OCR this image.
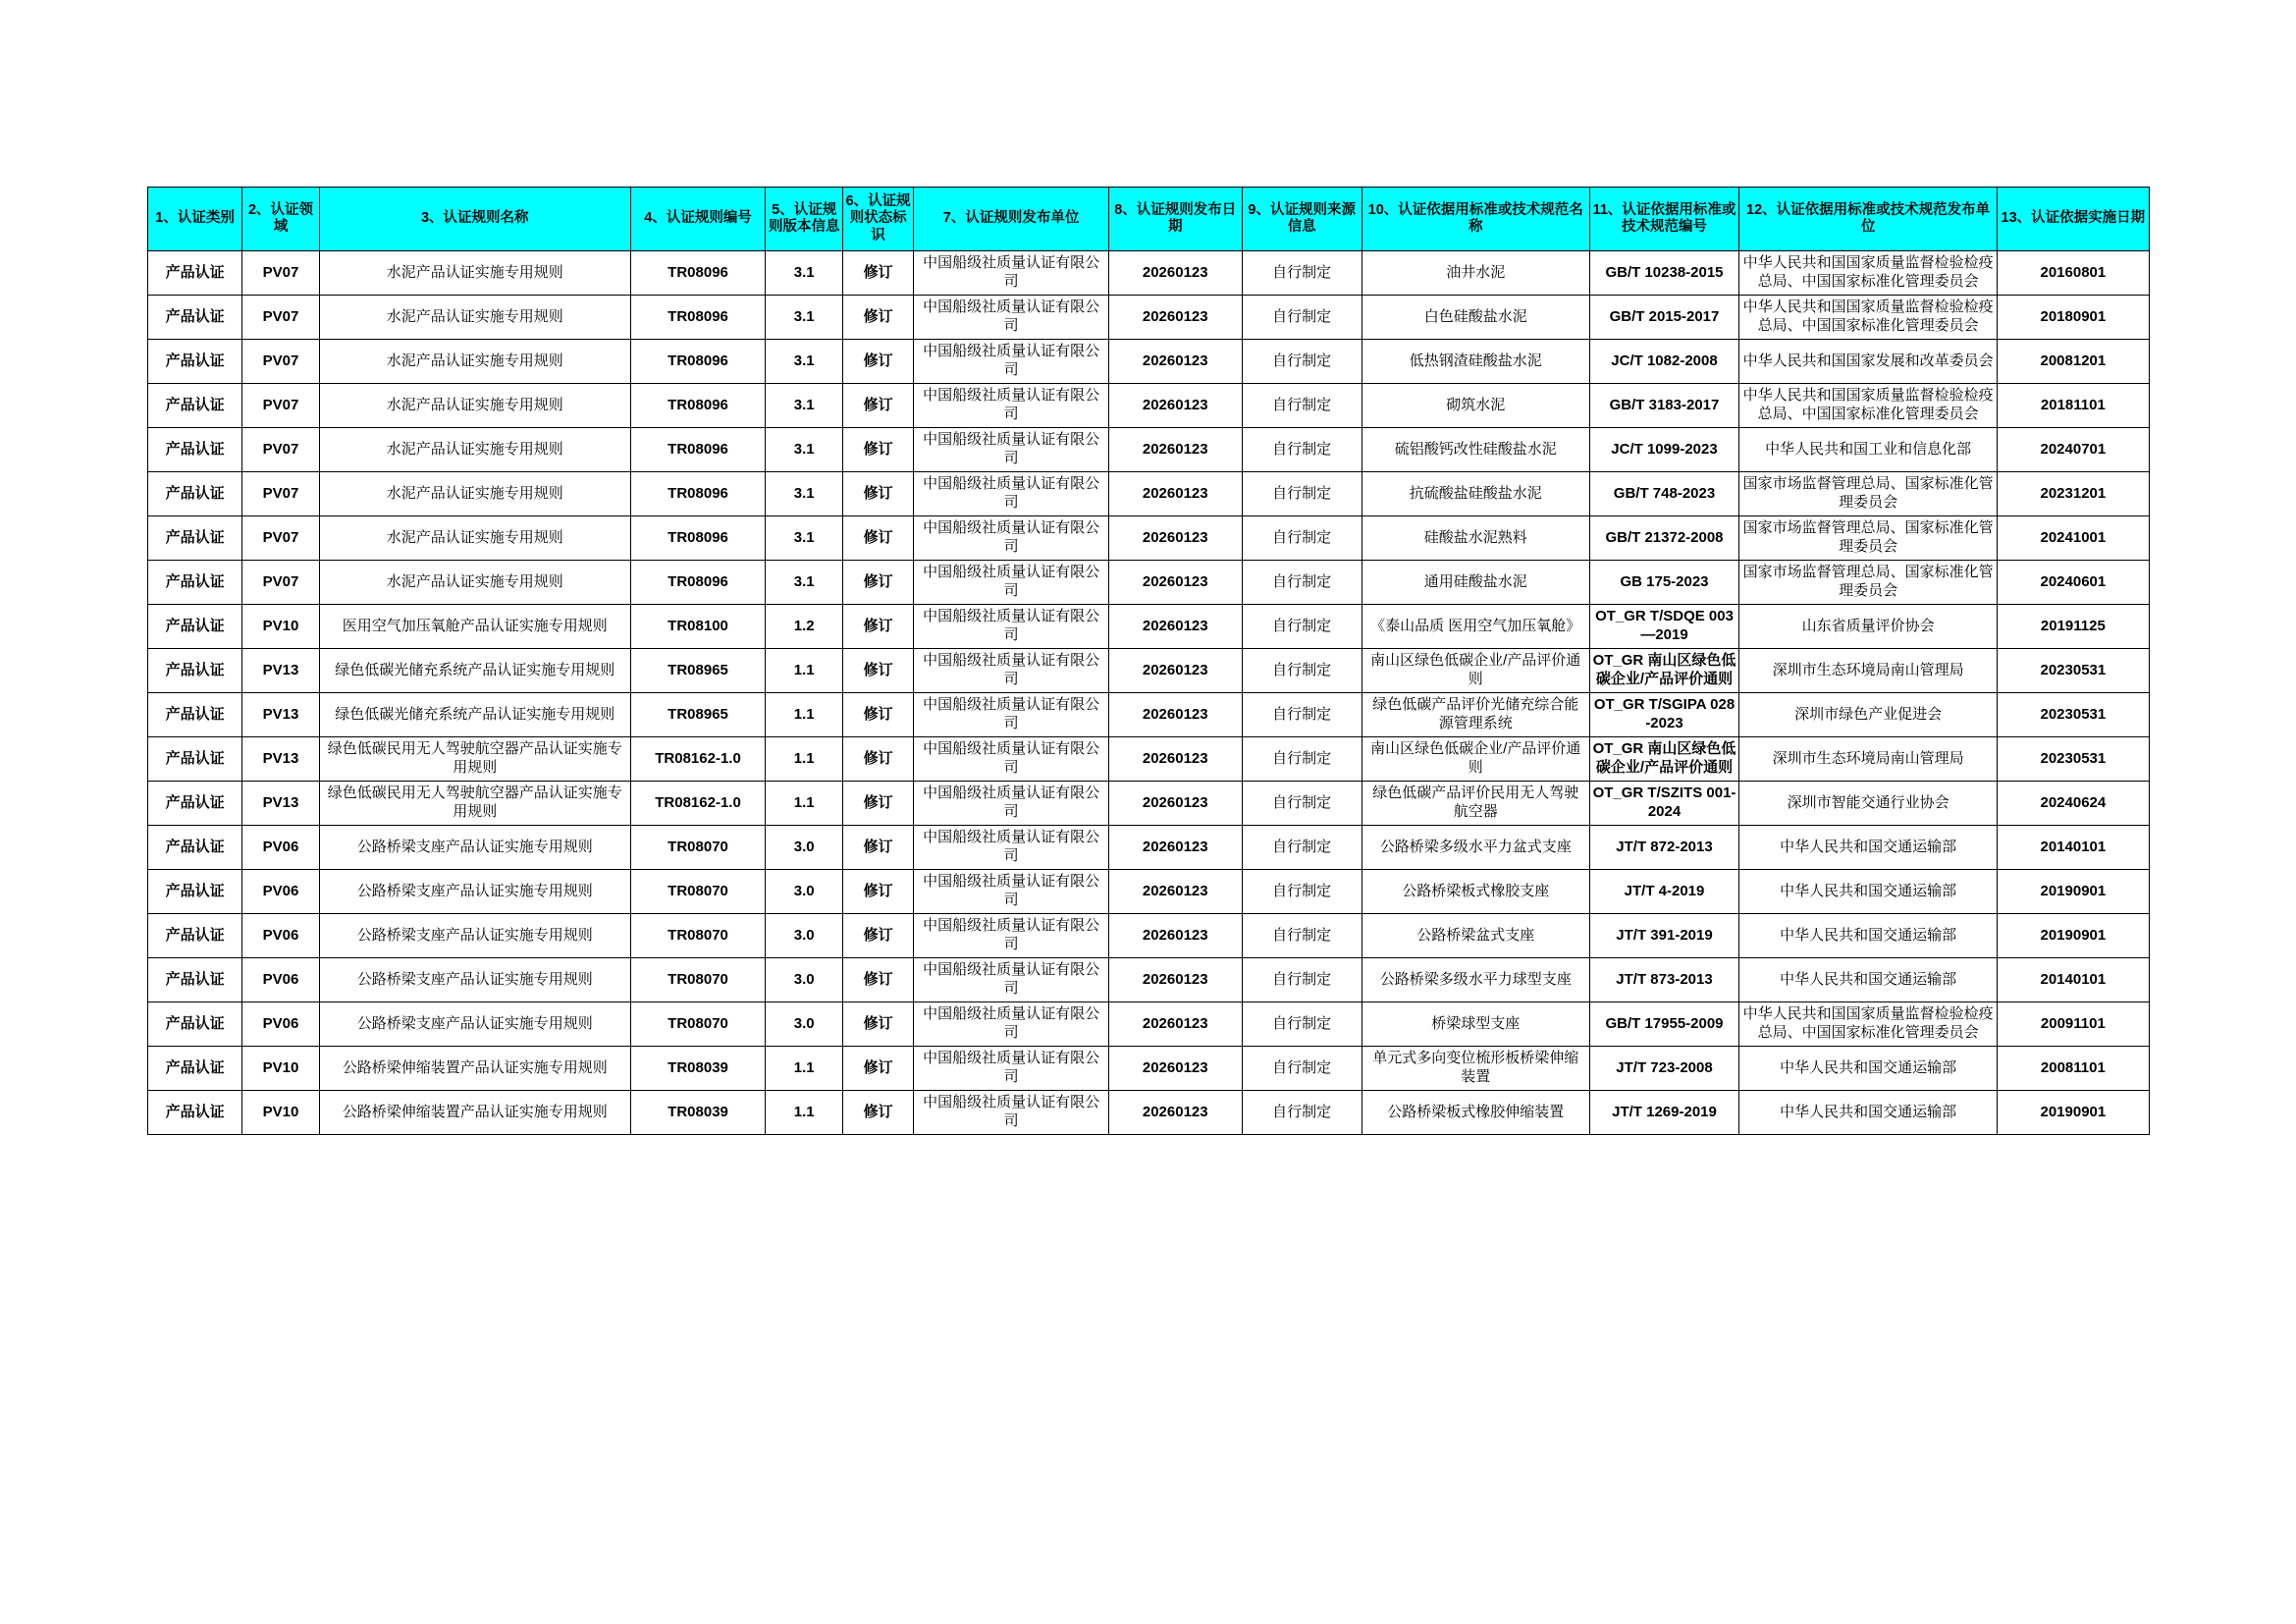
1、认证类别	2、认证领域	3、认证规则名称	4、认证规则编号	5、认证规则版本信息	6、认证规则状态标识	7、认证规则发布单位	8、认证规则发布日期	9、认证规则来源信息	10、认证依据用标准或技术规范名称	11、认证依据用标准或技术规范编号	12、认证依据用标准或技术规范发布单位	13、认证依据实施日期
产品认证	PV07	水泥产品认证实施专用规则	TR08096	3.1	修订	中国船级社质量认证有限公司	20260123	自行制定	油井水泥	GB/T 10238-2015	中华人民共和国国家质量监督检验检疫总局、中国国家标准化管理委员会	20160801
产品认证	PV07	水泥产品认证实施专用规则	TR08096	3.1	修订	中国船级社质量认证有限公司	20260123	自行制定	白色硅酸盐水泥	GB/T 2015-2017	中华人民共和国国家质量监督检验检疫总局、中国国家标准化管理委员会	20180901
产品认证	PV07	水泥产品认证实施专用规则	TR08096	3.1	修订	中国船级社质量认证有限公司	20260123	自行制定	低热钢渣硅酸盐水泥	JC/T 1082-2008	中华人民共和国国家发展和改革委员会	20081201
产品认证	PV07	水泥产品认证实施专用规则	TR08096	3.1	修订	中国船级社质量认证有限公司	20260123	自行制定	砌筑水泥	GB/T 3183-2017	中华人民共和国国家质量监督检验检疫总局、中国国家标准化管理委员会	20181101
产品认证	PV07	水泥产品认证实施专用规则	TR08096	3.1	修订	中国船级社质量认证有限公司	20260123	自行制定	硫铝酸钙改性硅酸盐水泥	JC/T 1099-2023	中华人民共和国工业和信息化部	20240701
产品认证	PV07	水泥产品认证实施专用规则	TR08096	3.1	修订	中国船级社质量认证有限公司	20260123	自行制定	抗硫酸盐硅酸盐水泥	GB/T 748-2023	国家市场监督管理总局、国家标准化管理委员会	20231201
产品认证	PV07	水泥产品认证实施专用规则	TR08096	3.1	修订	中国船级社质量认证有限公司	20260123	自行制定	硅酸盐水泥熟料	GB/T 21372-2008	国家市场监督管理总局、国家标准化管理委员会	20241001
产品认证	PV07	水泥产品认证实施专用规则	TR08096	3.1	修订	中国船级社质量认证有限公司	20260123	自行制定	通用硅酸盐水泥	GB 175-2023	国家市场监督管理总局、国家标准化管理委员会	20240601
产品认证	PV10	医用空气加压氧舱产品认证实施专用规则	TR08100	1.2	修订	中国船级社质量认证有限公司	20260123	自行制定	《泰山品质 医用空气加压氧舱》	OT_GR T/SDQE 003—2019	山东省质量评价协会	20191125
产品认证	PV13	绿色低碳光储充系统产品认证实施专用规则	TR08965	1.1	修订	中国船级社质量认证有限公司	20260123	自行制定	南山区绿色低碳企业/产品评价通则	OT_GR 南山区绿色低碳企业/产品评价通则	深圳市生态环境局南山管理局	20230531
产品认证	PV13	绿色低碳光储充系统产品认证实施专用规则	TR08965	1.1	修订	中国船级社质量认证有限公司	20260123	自行制定	绿色低碳产品评价光储充综合能源管理系统	OT_GR T/SGIPA 028-2023	深圳市绿色产业促进会	20230531
产品认证	PV13	绿色低碳民用无人驾驶航空器产品认证实施专用规则	TR08162-1.0	1.1	修订	中国船级社质量认证有限公司	20260123	自行制定	南山区绿色低碳企业/产品评价通则	OT_GR 南山区绿色低碳企业/产品评价通则	深圳市生态环境局南山管理局	20230531
产品认证	PV13	绿色低碳民用无人驾驶航空器产品认证实施专用规则	TR08162-1.0	1.1	修订	中国船级社质量认证有限公司	20260123	自行制定	绿色低碳产品评价民用无人驾驶航空器	OT_GR T/SZITS 001-2024	深圳市智能交通行业协会	20240624
产品认证	PV06	公路桥梁支座产品认证实施专用规则	TR08070	3.0	修订	中国船级社质量认证有限公司	20260123	自行制定	公路桥梁多级水平力盆式支座	JT/T 872-2013	中华人民共和国交通运输部	20140101
产品认证	PV06	公路桥梁支座产品认证实施专用规则	TR08070	3.0	修订	中国船级社质量认证有限公司	20260123	自行制定	公路桥梁板式橡胶支座	JT/T 4-2019	中华人民共和国交通运输部	20190901
产品认证	PV06	公路桥梁支座产品认证实施专用规则	TR08070	3.0	修订	中国船级社质量认证有限公司	20260123	自行制定	公路桥梁盆式支座	JT/T 391-2019	中华人民共和国交通运输部	20190901
产品认证	PV06	公路桥梁支座产品认证实施专用规则	TR08070	3.0	修订	中国船级社质量认证有限公司	20260123	自行制定	公路桥梁多级水平力球型支座	JT/T 873-2013	中华人民共和国交通运输部	20140101
产品认证	PV06	公路桥梁支座产品认证实施专用规则	TR08070	3.0	修订	中国船级社质量认证有限公司	20260123	自行制定	桥梁球型支座	GB/T 17955-2009	中华人民共和国国家质量监督检验检疫总局、中国国家标准化管理委员会	20091101
产品认证	PV10	公路桥梁伸缩装置产品认证实施专用规则	TR08039	1.1	修订	中国船级社质量认证有限公司	20260123	自行制定	单元式多向变位梳形板桥梁伸缩装置	JT/T 723-2008	中华人民共和国交通运输部	20081101
产品认证	PV10	公路桥梁伸缩装置产品认证实施专用规则	TR08039	1.1	修订	中国船级社质量认证有限公司	20260123	自行制定	公路桥梁板式橡胶伸缩装置	JT/T 1269-2019	中华人民共和国交通运输部	20190901
